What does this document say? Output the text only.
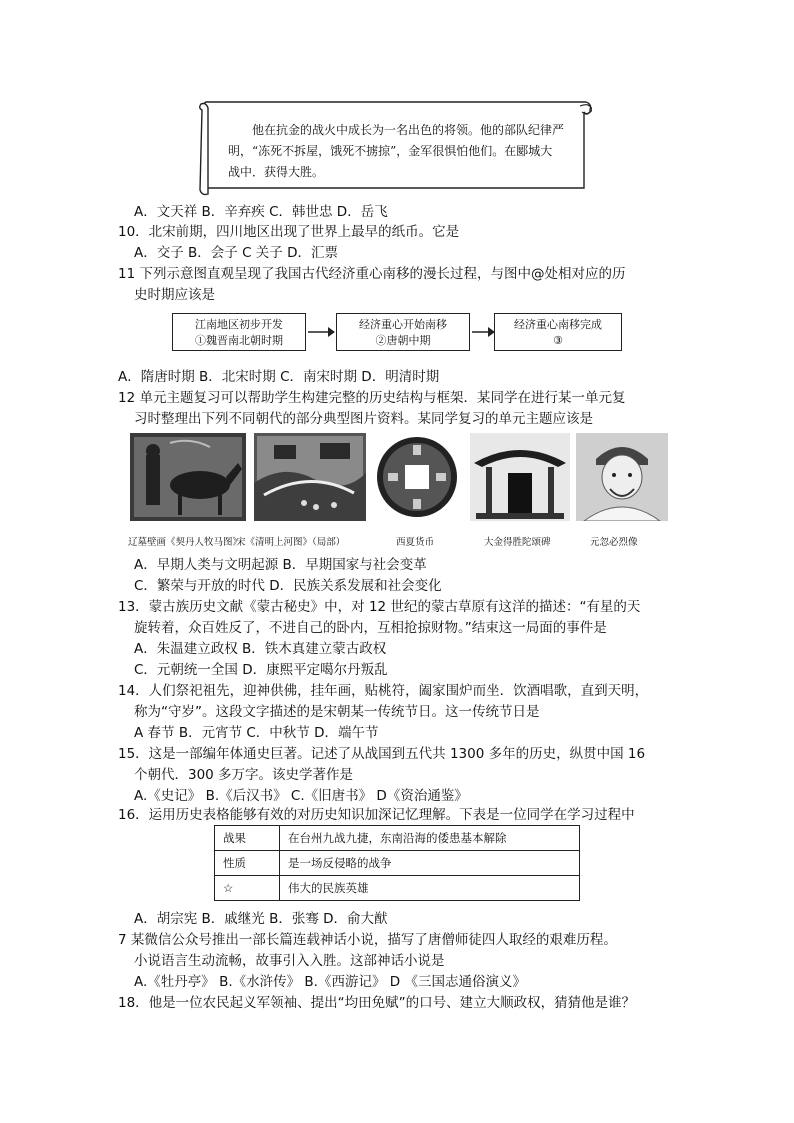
他在抗金的战火中成长为一名出色的将领。他的部队纪律严
明，“冻死不拆屋，饿死不掳掠”，金军很惧怕他们。在郾城大
战中．获得大胜。
A．文天祥 B．辛弃疾 C．韩世忠 D．岳飞
10．北宋前期，四川地区出现了世界上最早的纸币。它是
A．交子 B．会子 C 关子 D．汇票
11 下列示意图直观呈现了我国古代经济重心南移的漫长过程，与图中@处相对应的历
史时期应该是
江南地区初步开发
①魏晋南北朝时期
经济重心开始南移
②唐朝中期
经济重心南移完成
③
A．隋唐时期 B．北宋时期 C．南宋时期 D．明清时期
12 单元主题复习可以帮助学生构建完整的历史结构与框架．某同学在进行某一单元复
习时整理出下列不同朝代的部分典型图片资料。某同学复习的单元主题应该是
辽墓壁画《契丹人牧马图》
宋《清明上河图》（局部）	西夏货币	大金得胜陀颂碑	元忽必烈像
A．早期人类与文明起源 B．早期国家与社会变革
C．繁荣与开放的时代 D．民族关系发展和社会变化
13．蒙古族历史文献《蒙古秘史》中，对 12 世纪的蒙古草原有这洋的描述：“有星的天
旋转着，众百姓反了，不进自己的卧内，互相抢掠财物。”结束这一局面的事件是
A．朱温建立政权 B．铁木真建立蒙古政权
C．元朝统一全国 D．康熙平定噶尔丹叛乱
14．人们祭祀祖先，迎神供佛，挂年画，贴桃符，阖家围炉而坐．饮酒唱歌，直到天明，
称为“守岁”。这段文字描述的是宋朝某一传统节日。这一传统节日是
A 春节 B．元宵节 C．中秋节 D．端午节
15．这是一部编年体通史巨著。记述了从战国到五代共 1300 多年的历史，纵贯中国 16
个朝代．300 多万字。该史学著作是
A.《史记》 B.《后汉书》 C.《旧唐书》 D《资治通鉴》
16．运用历史表格能够有效的对历史知识加深记忆理解。下表是一位同学在学习过程中
战果	在台州九战九捷，东南沿海的倭患基本解除
性质	是一场反侵略的战争
☆	伟大的民族英雄
A．胡宗宪 B．戚继光 B．张骞 D．俞大猷
7 某微信公众号推出一部长篇连载神话小说，描写了唐僧师徒四人取经的艰难历程。
小说语言生动流畅，故事引入入胜。这部神话小说是
A.《牡丹亭》 B.《水浒传》 B.《西游记》 D 《三国志通俗演义》
18．他是一位农民起义军领袖、提出“均田免赋”的口号、建立大顺政权，猜猜他是谁？
